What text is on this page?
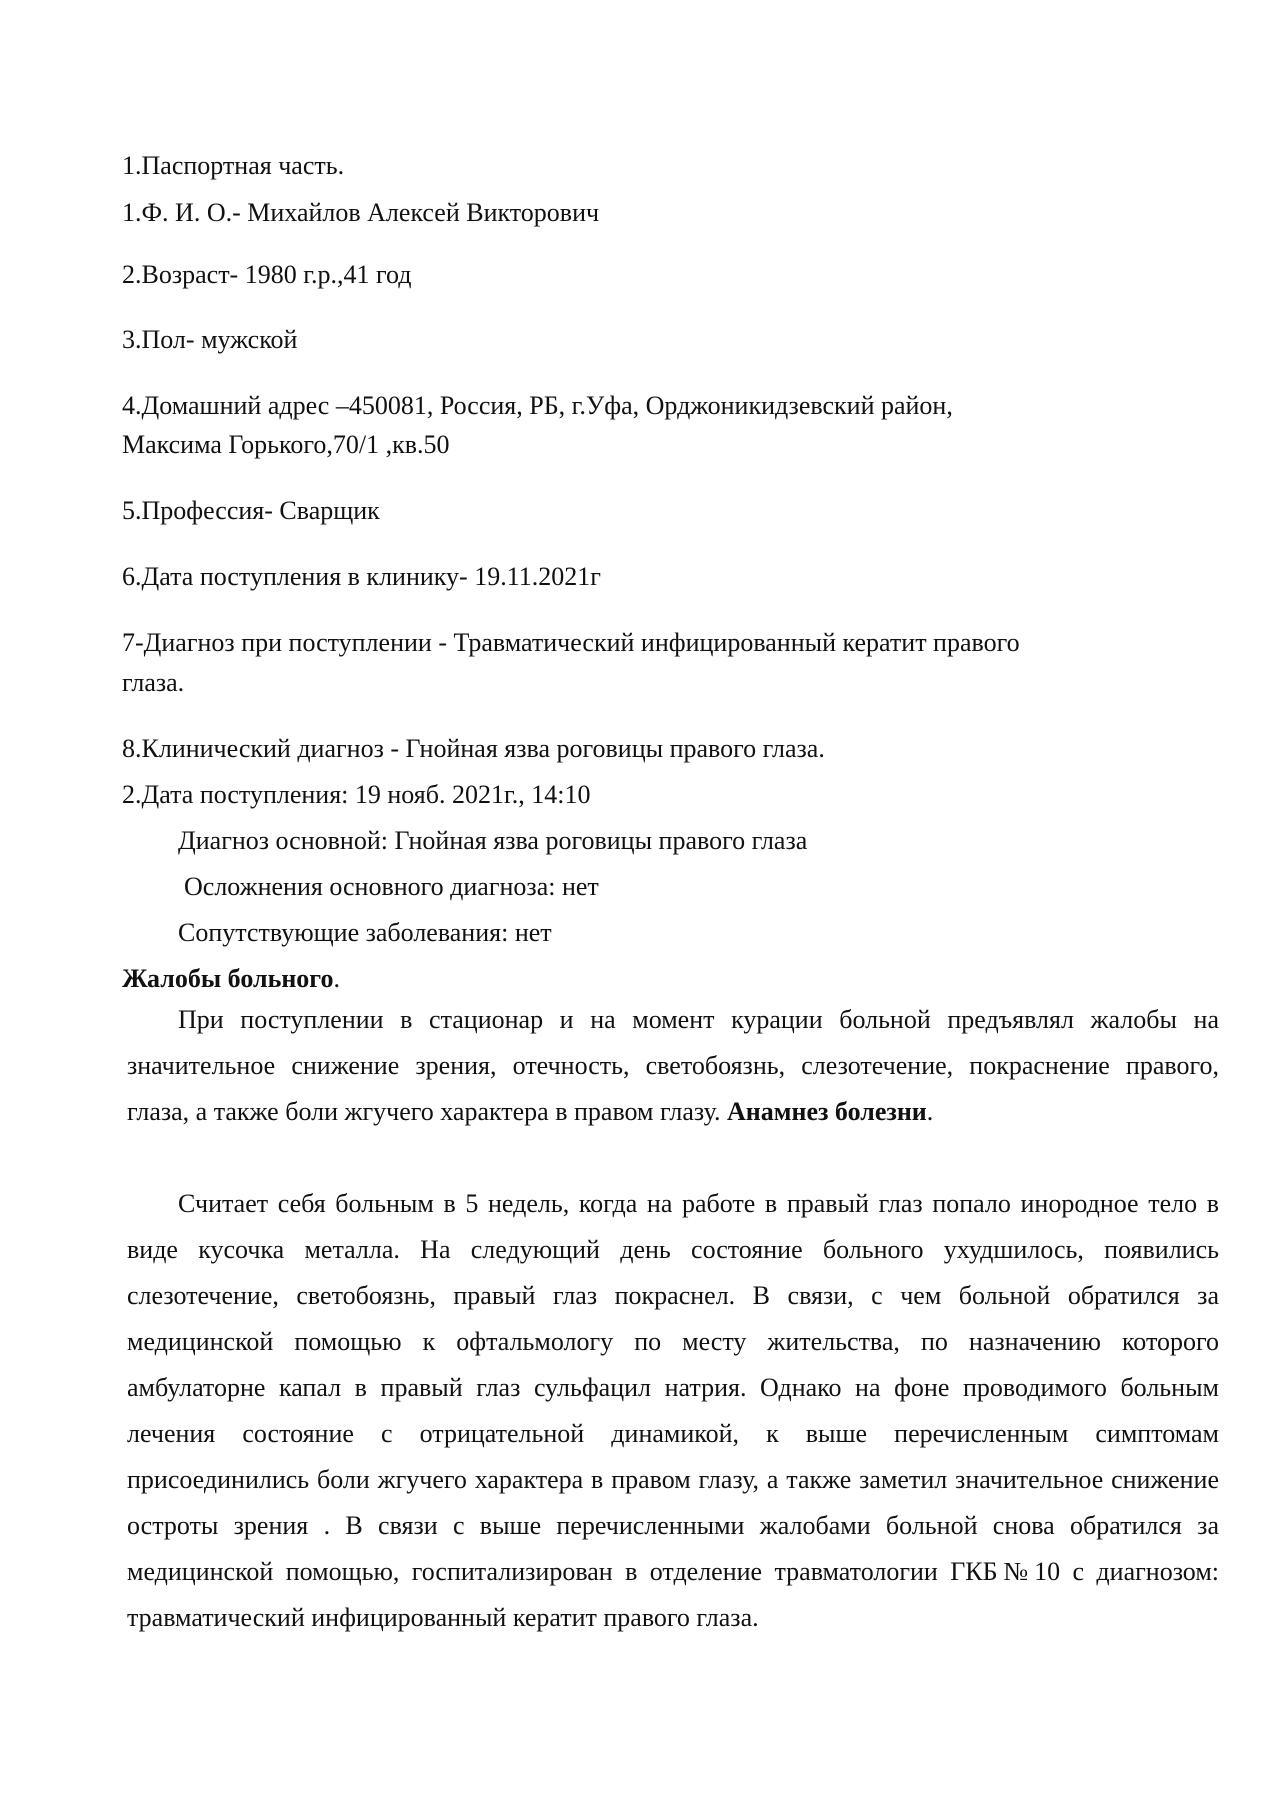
1.Паспортная часть.

1.Ф. И. О.- Михайлов Алексей Викторович

2.Возраст- 1980 г.р.,41 год

3.Пол- мужской

4.Домашний адрес –450081, Россия, РБ, г.Уфа, Орджоникидзевский район,

Максима Горького,70/1 ,кв.50

5.Профессия- Сварщик

6.Дата поступления в клинику- 19.11.2021г

7-Диагноз при поступлении - Травматический инфицированный кератит правого

глаза.

8.Клинический диагноз - Гнойная язва роговицы правого глаза.

2.Дата поступления: 19 нояб. 2021г., 14:10

Диагноз основной: Гнойная язва роговицы правого глаза

Осложнения основного диагноза: нет

Сопутствующие заболевания: нет

Жалобы больного.

При поступлении в стационар и на момент курации больной предъявлял жалобы на значительное снижение зрения, отечность, светобоязнь, слезотечение, покраснение правого, глаза, а также боли жгучего характера в правом глазу. Анамнез болезни.
Считает себя больным в 5 недель, когда на работе в правый глаз попало инородное тело в виде кусочка металла. На следующий день состояние больного ухудшилось, появились слезотечение, светобоязнь, правый глаз покраснел. В связи, с чем больной обратился за медицинской помощью к офтальмологу по месту жительства, по назначению которого амбулаторне капал в правый глаз сульфацил натрия. Однако на фоне проводимого больным лечения состояние с отрицательной динамикой, к выше перечисленным симптомам присоединились боли жгучего характера в правом глазу, а также заметил значительное снижение остроты зрения . В связи с выше перечисленными жалобами больной снова обратился за медицинской помощью, госпитализирован в отделение травматологии ГКБ№10 с диагнозом: травматический инфицированный кератит правого глаза.
